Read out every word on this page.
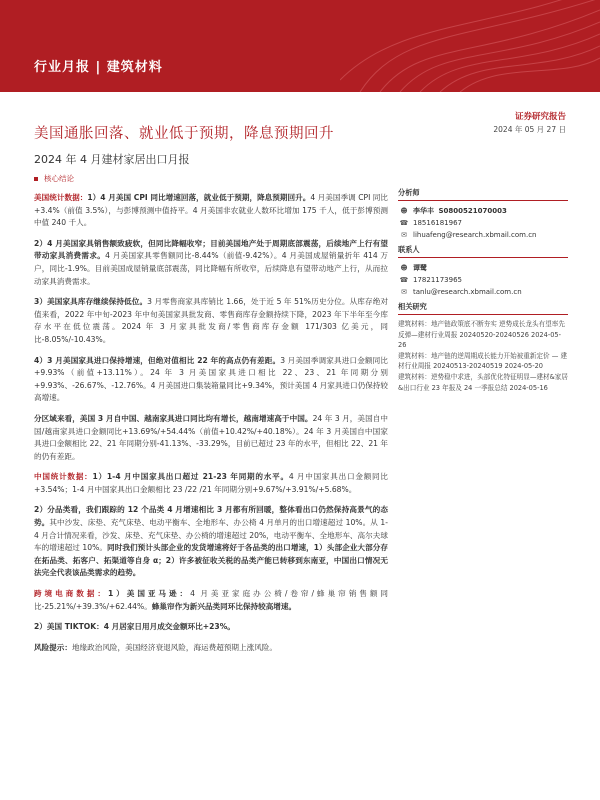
行业月报 | 建筑材料
证券研究报告
2024 年 05 月 27 日
美国通胀回落、就业低于预期，降息预期回升
2024 年 4 月建材家居出口月报
核心结论

美国统计数据：1）4 月美国 CPI 同比增速回落，就业低于预期，降息预期回升。4 月美国季调 CPI 同比+3.4%（前值 3.5%），与彭博预测中值持平。4 月美国非农就业人数环比增加 175 千人，低于彭博预测中值 240 千人。

2）4 月美国家具销售额致疲软，但同比降幅收窄；目前美国地产处于周期底部震荡，后续地产上行有望带动家具消费需求。4 月美国家具零售额同比-8.44%（前值-9.42%）。4 月美国成屋销量折年 414 万户，同比-1.9%。目前美国成屋销量底部震荡，同比降幅有所收窄，后续降息有望带动地产上行，从而拉动家具消费需求。

3）美国家具库存继续保持低位。3 月零售商家具库销比 1.66，处于近 5 年 51%历史分位。从库存绝对值来看，2022 年中旬-2023 年中旬美国家具批发商、零售商库存金额持续下降，2023 年下半年至今库存水平在低位震荡。2024 年 3 月家具批发商/零售商库存金额 171/303 亿美元，同比-8.05%/-10.43%。

4）3 月美国家具进口保持增速，但绝对值相比 22 年的高点仍有差距。3 月美国季调家具进口金额同比+9.93%（前值+13.11%）。24 年 3 月美国家具进口相比 22、23、21 年同期分别+9.93%、-26.67%、-12.76%。4 月美国进口集装箱量同比+9.34%，预计美国 4 月家具进口仍保持较高增速。

分区域来看，美国 3 月自中国、越南家具进口同比均有增长，越南增速高于中国。24 年 3 月，美国自中国/越南家具进口金额同比+13.69%/+54.44%（前值+10.42%/+40.18%）。24 年 3 月美国自中国家具进口金额相比 22、21 年同期分别-41.13%、-33.29%，目前已超过 23 年的水平，但相比 22、21 年的仍有差距。

中国统计数据：1）1-4 月中国家具出口超过 21-23 年同期的水平。4 月中国家具出口金额同比+3.54%；1-4 月中国家具出口金额相比 23 /22 /21 年同期分别+9.67%/+3.91%/+5.68%。

2）分品类看，我们跟踪的 12 个品类 4 月增速相比 3 月都有所回暖，整体看出口仍然保持高景气的态势。其中沙发、床垫、充气床垫、电动平衡车、全地形车、办公椅 4 月单月的出口增速超过 10%。从 1-4 月合计情况来看，沙发、床垫、充气床垫、办公椅的增速超过 20%，电动平衡车、全地形车、高尔夫球车的增速超过 10%。同时我们预计头部企业的发货增速将好于各品类的出口增速，1）头部企业大部分存在拓品类、拓客户、拓渠道等自身 α；2）许多被征收关税的品类产能已转移到东南亚，中国出口情况无法完全代表该品类需求的趋势。

跨境电商数据：1）美国亚马逊：4 月美亚家庭办公椅/卷帘/蜂巢帘销售额同比-25.21%/+39.3%/+62.44%。蜂巢帘作为新兴品类同环比保持较高增速。

2）美国 TIKTOK：4 月居家日用月成交金额环比+23%。

风险提示：地缘政治风险，美国经济衰退风险，海运费超预期上涨风险。

分析师
☻ 李华丰
S0800521070003
☎ 18516181967
✉ lihuafeng@research.xbmail.com.cn
联系人
☻ 谭鹭
☎ 17821173965
✉ tanlu@research.xbmail.com.cn
相关研究

建筑材料：地产链政策底不断夯实 逆势成长龙头有望率先反弹—建材行业周报 20240520-20240526 2024-05-26

建筑材料：地产链的逆周期成长能力开始被重新定价 — 建材行业周报 20240513-20240519 2024-05-20

建筑材料：逆势稳中求进，头部优化特征明显—建材&家居&出口行业 23 年报及 24 一季报总结 2024-05-16
